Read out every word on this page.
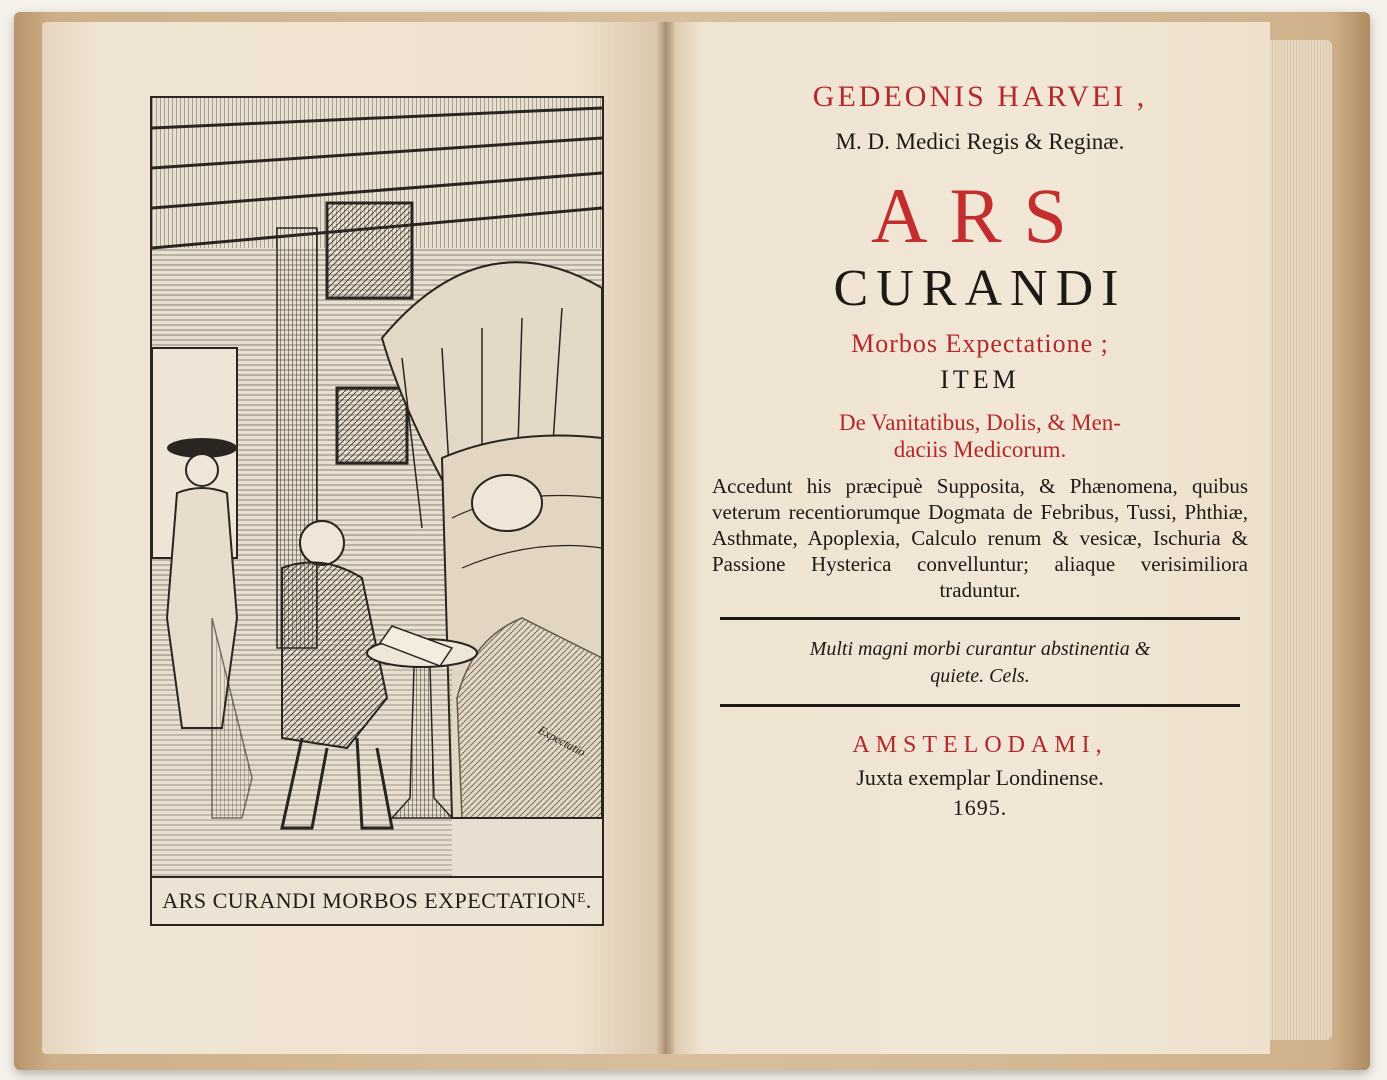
Expectatio
ARS CURANDI MORBOS EXPECTATIONᴱ.

GEDEONIS HARVEI ,

M. D. Medici Regis & Reginæ.

ARS

CURANDI

Morbos Expectatione ;

ITEM

De Vanitatibus, Dolis, & Men-
daciis Medicorum.

Accedunt his præcipuè Supposita, & Phænomena, quibus veterum recentiorumque Dogmata de Febribus, Tussi, Phthiæ, Asthmate, Apoplexia, Calculo renum & vesicæ, Ischuria & Passione Hysterica convelluntur; aliaque verisimiliora traduntur.

Multi magni morbi curantur abstinentia &
quiete. Cels.

AMSTELODAMI,

Juxta exemplar Londinense.

1695.
